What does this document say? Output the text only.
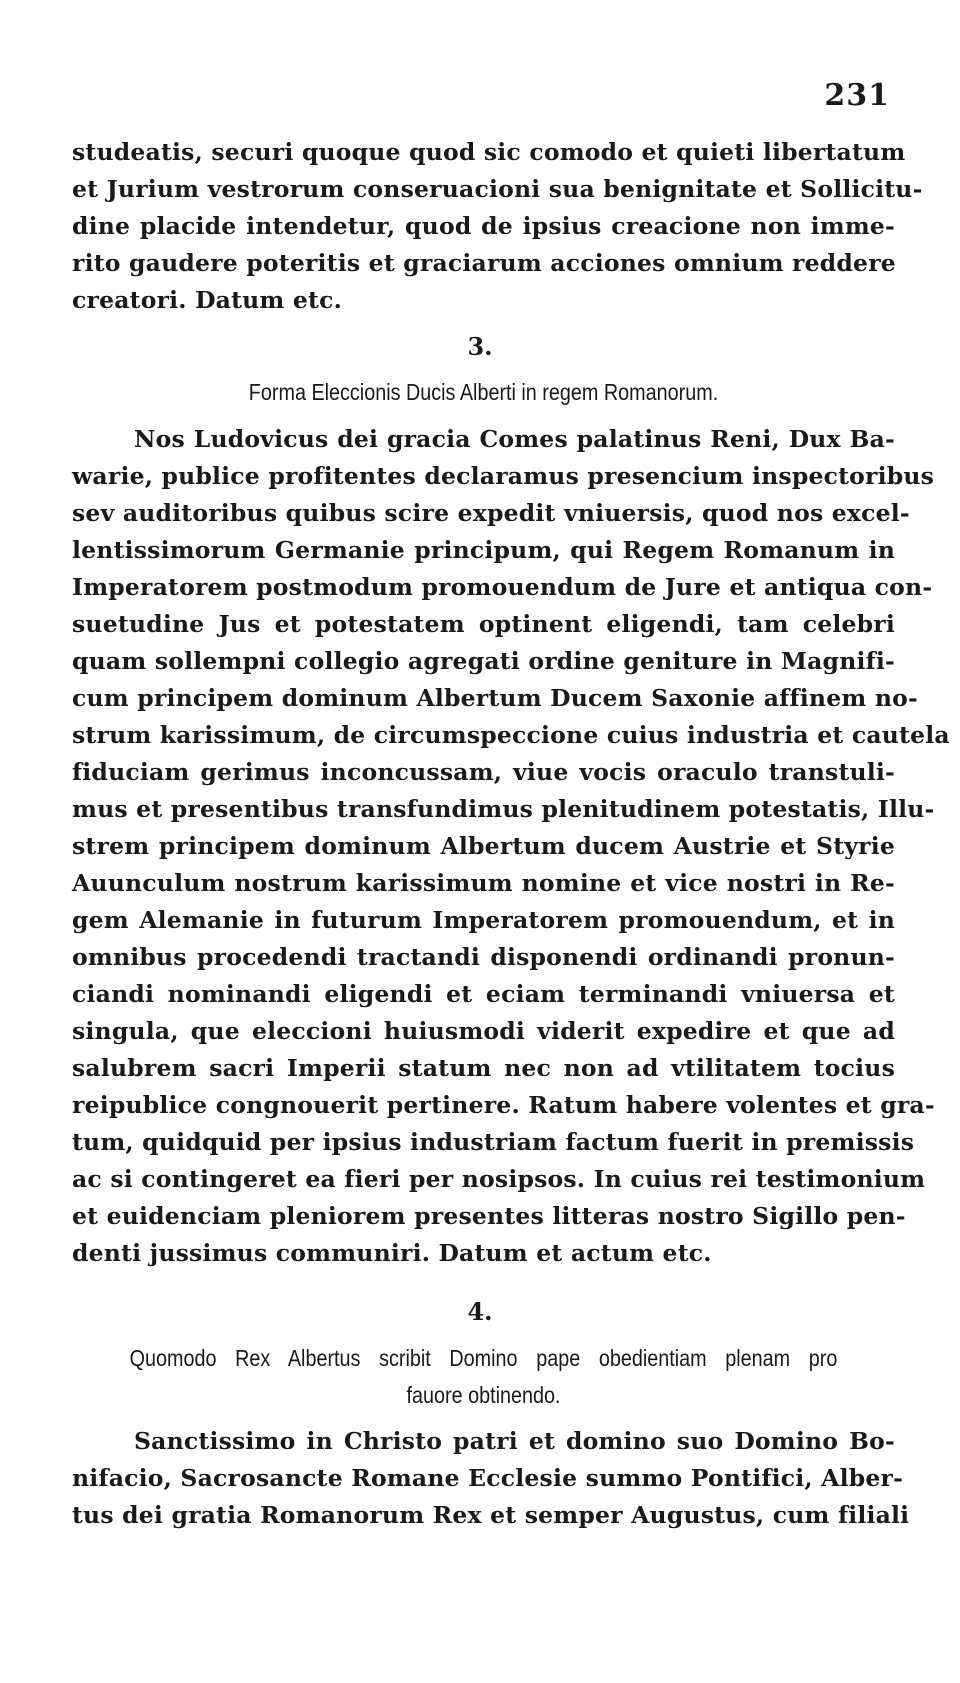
231
studeatis, securi quoque quod sic comodo et quieti libertatum
et Jurium vestrorum conseruacioni sua benignitate et Sollicitu-
dine placide intendetur, quod de ipsius creacione non imme-
rito gaudere poteritis et graciarum acciones omnium reddere
creatori. Datum etc.
3.
Forma Eleccionis Ducis Alberti in regem Romanorum.
Nos Ludovicus dei gracia Comes palatinus Reni, Dux Ba-
warie, publice profitentes declaramus presencium inspectoribus
sev auditoribus quibus scire expedit vniuersis, quod nos excel-
lentissimorum Germanie principum, qui Regem Romanum in
Imperatorem postmodum promouendum de Jure et antiqua con-
suetudine Jus et potestatem optinent eligendi, tam celebri
quam sollempni collegio agregati ordine geniture in Magnifi-
cum principem dominum Albertum Ducem Saxonie affinem no-
strum karissimum, de circumspeccione cuius industria et cautela
fiduciam gerimus inconcussam, viue vocis oraculo transtuli-
mus et presentibus transfundimus plenitudinem potestatis, Illu-
strem principem dominum Albertum ducem Austrie et Styrie
Auunculum nostrum karissimum nomine et vice nostri in Re-
gem Alemanie in futurum Imperatorem promouendum, et in
omnibus procedendi tractandi disponendi ordinandi pronun-
ciandi nominandi eligendi et eciam terminandi vniuersa et
singula, que eleccioni huiusmodi viderit expedire et que ad
salubrem sacri Imperii statum nec non ad vtilitatem tocius
reipublice congnouerit pertinere. Ratum habere volentes et gra-
tum, quidquid per ipsius industriam factum fuerit in premissis
ac si contingeret ea fieri per nosipsos. In cuius rei testimonium
et euidenciam pleniorem presentes litteras nostro Sigillo pen-
denti jussimus communiri. Datum et actum etc.
4.
Quomodo Rex Albertus scribit Domino pape obedientiam plenam pro
fauore obtinendo.
Sanctissimo in Christo patri et domino suo Domino Bo-
nifacio, Sacrosancte Romane Ecclesie summo Pontifici, Alber-
tus dei gratia Romanorum Rex et semper Augustus, cum filiali
